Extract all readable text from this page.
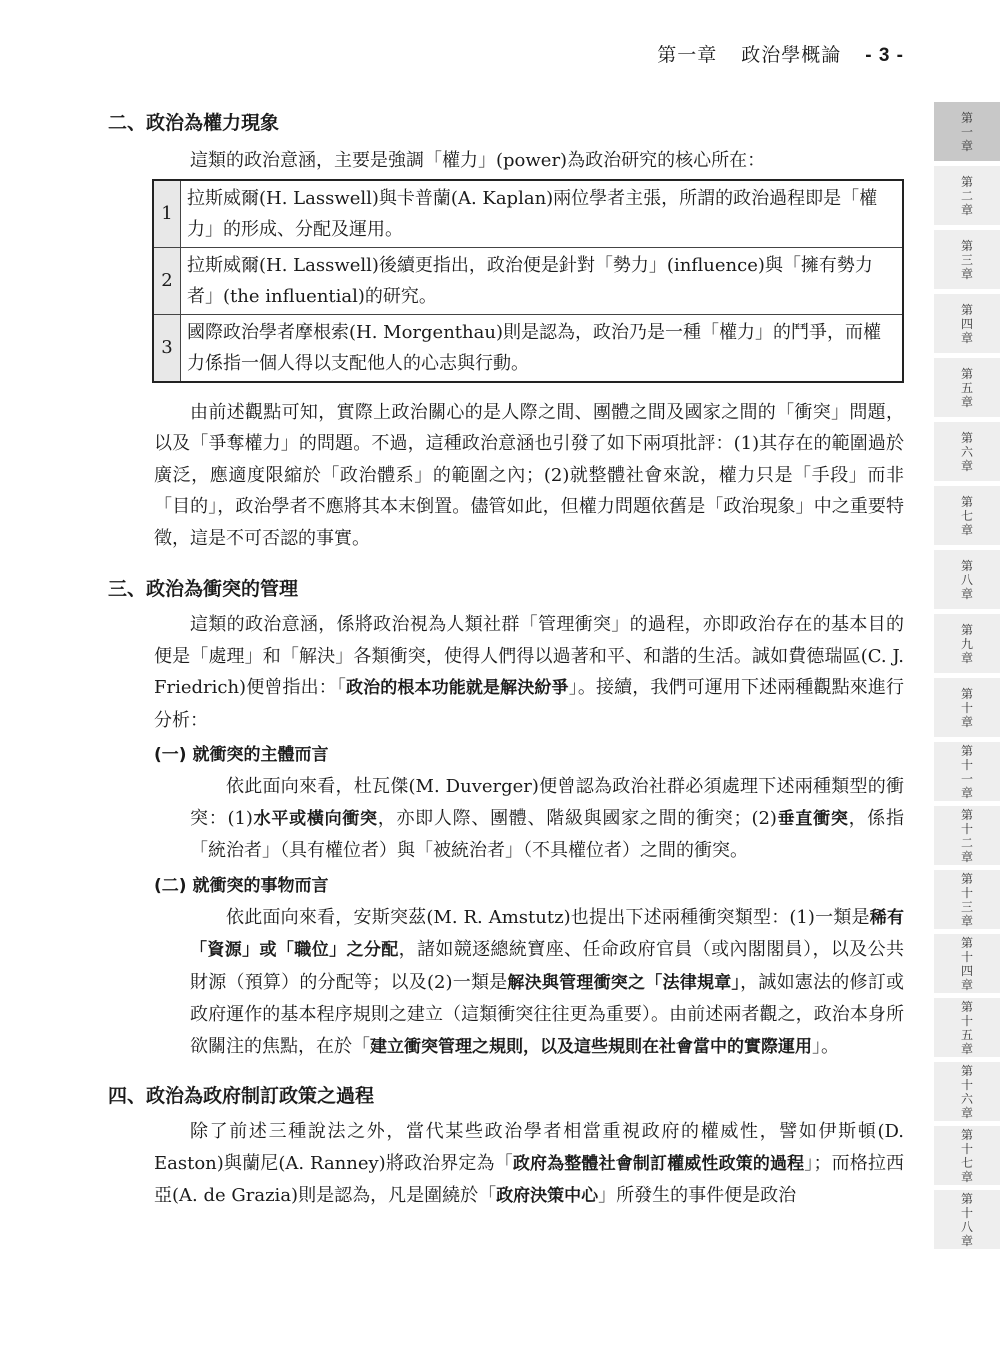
第一章 政治學概論 - 3 -
第
一
章
第
二
章
第
三
章
第
四
章
第
五
章
第
六
章
第
七
章
第
八
章
第
九
章
第
十
章
第
十
一
章
第
十
二
章
第
十
三
章
第
十
四
章
第
十
五
章
第
十
六
章
第
十
七
章
第
十
八
章
二、政治為權力現象

這類的政治意涵，主要是強調「權力」(power)為政治研究的核心所在：

1	拉斯威爾(H. Lasswell)與卡普蘭(A. Kaplan)兩位學者主張，所謂的政治過程即是「權力」的形成、分配及運用。
2	拉斯威爾(H. Lasswell)後續更指出，政治便是針對「勢力」(influence)與「擁有勢力者」(the influential)的研究。
3	國際政治學者摩根索(H. Morgenthau)則是認為，政治乃是一種「權力」的鬥爭，而權力係指一個人得以支配他人的心志與行動。

由前述觀點可知，實際上政治關心的是人際之間、團體之間及國家之間的「衝突」問題，以及「爭奪權力」的問題。不過，這種政治意涵也引發了如下兩項批評：(1)其存在的範圍過於廣泛，應適度限縮於「政治體系」的範圍之內；(2)就整體社會來說，權力只是「手段」而非「目的」，政治學者不應將其本末倒置。儘管如此，但權力問題依舊是「政治現象」中之重要特徵，這是不可否認的事實。

三、政治為衝突的管理

這類的政治意涵，係將政治視為人類社群「管理衝突」的過程，亦即政治存在的基本目的便是「處理」和「解決」各類衝突，使得人們得以過著和平、和諧的生活。誠如費德瑞區(C. J. Friedrich)便曾指出：「政治的根本功能就是解決紛爭」。接續，我們可運用下述兩種觀點來進行分析：

(一) 就衝突的主體而言

依此面向來看，杜瓦傑(M. Duverger)便曾認為政治社群必須處理下述兩種類型的衝突：(1)水平或橫向衝突，亦即人際、團體、階級與國家之間的衝突；(2)垂直衝突，係指「統治者」（具有權位者）與「被統治者」（不具權位者）之間的衝突。

(二) 就衝突的事物而言

依此面向來看，安斯突茲(M. R. Amstutz)也提出下述兩種衝突類型：(1)一類是稀有「資源」或「職位」之分配，諸如競逐總統寶座、任命政府官員（或內閣閣員），以及公共財源（預算）的分配等；以及(2)一類是解決與管理衝突之「法律規章」，誠如憲法的修訂或政府運作的基本程序規則之建立（這類衝突往往更為重要）。由前述兩者觀之，政治本身所欲關注的焦點，在於「建立衝突管理之規則，以及這些規則在社會當中的實際運用」。

四、政治為政府制訂政策之過程

除了前述三種說法之外，當代某些政治學者相當重視政府的權威性，譬如伊斯頓(D. Easton)與蘭尼(A. Ranney)將政治界定為「政府為整體社會制訂權威性政策的過程」；而格拉西亞(A. de Grazia)則是認為，凡是圍繞於「政府決策中心」所發生的事件便是政治
